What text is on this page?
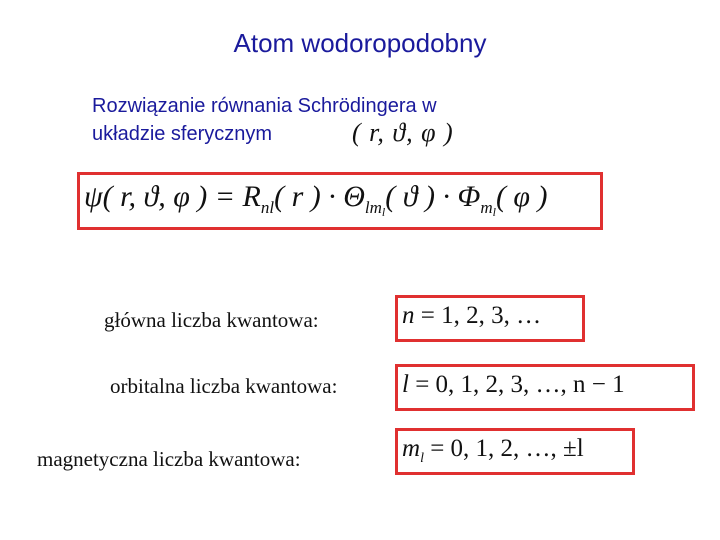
Atom wodoropodobny
Rozwiązanie równania Schrödingera w
układzie sferycznym	( r, ϑ, φ )
ψ( r, ϑ, φ ) = $R_{nl}$( r ) · $\Theta_{lm_l}$( ϑ ) · $\Phi_{m_l}$( φ )
główna liczba kwantowa:	n = 1, 2, 3, …
orbitalna liczba kwantowa:	l = 0, 1, 2, 3, …, n − 1
magnetyczna liczba kwantowa:	$m_l = 0$, 1, 2, …, ±l
